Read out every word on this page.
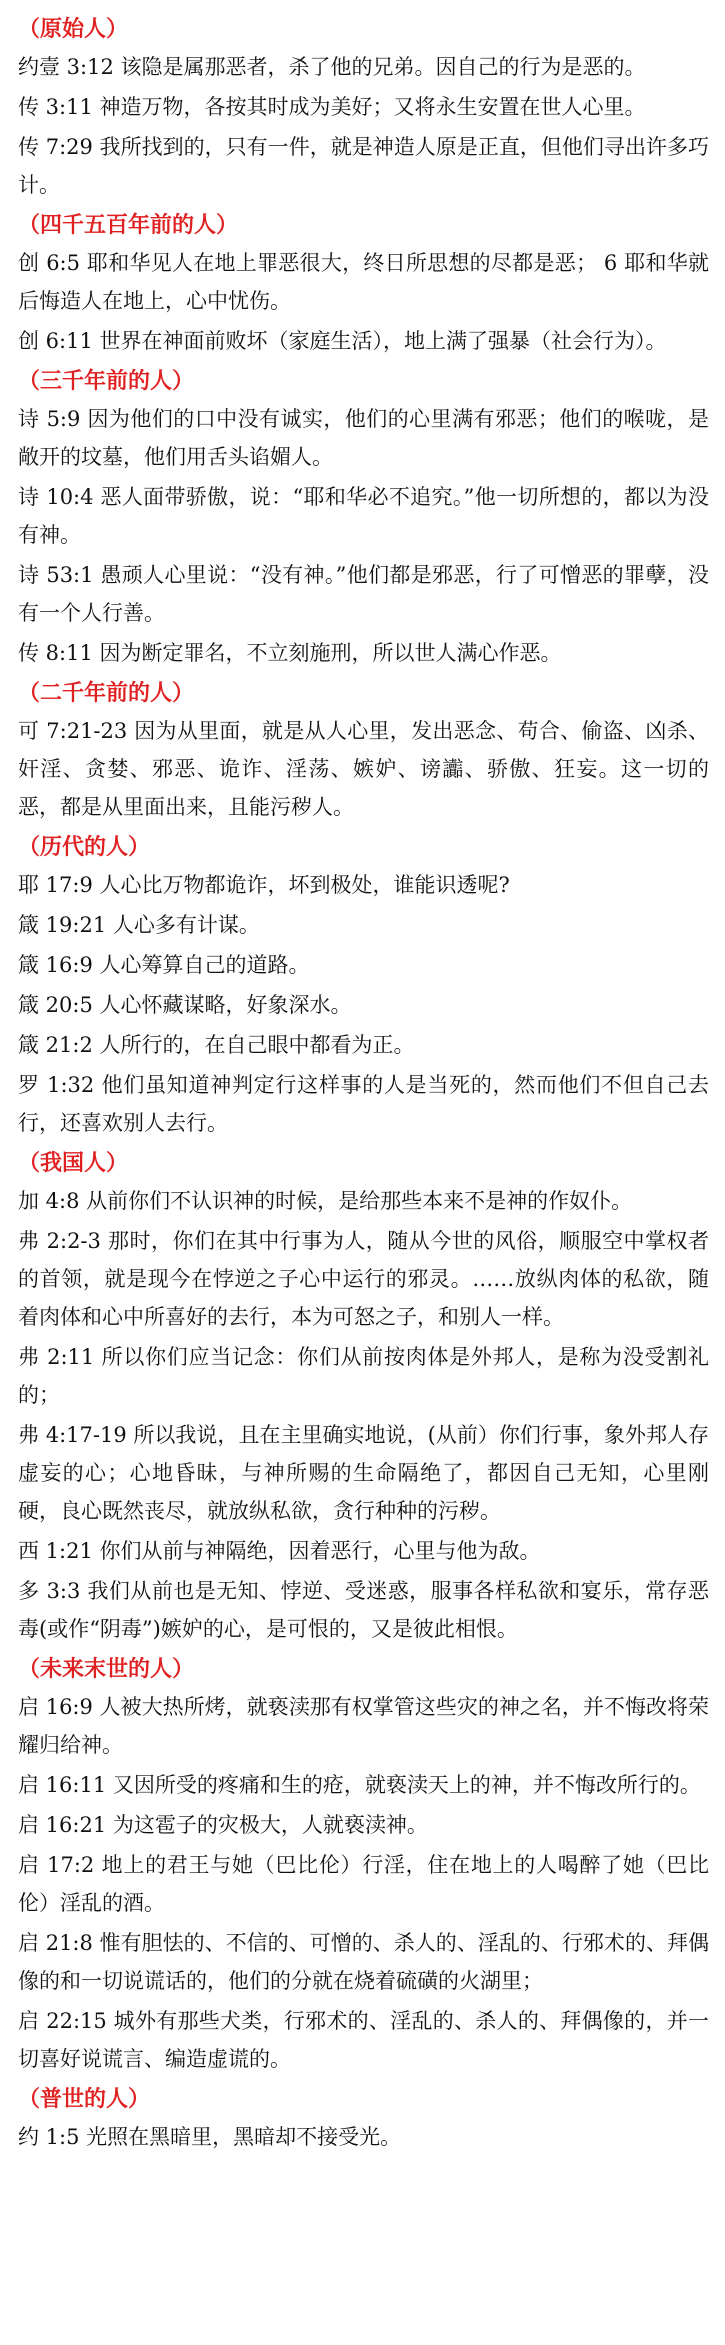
（原始人）

约壹 3:12 该隐是属那恶者，杀了他的兄弟。因自己的行为是恶的。

传 3:11 神造万物，各按其时成为美好；又将永生安置在世人心里。

传 7:29 我所找到的，只有一件，就是神造人原是正直，但他们寻出许多巧计。

（四千五百年前的人）

创 6:5 耶和华见人在地上罪恶很大，终日所思想的尽都是恶； 6 耶和华就后悔造人在地上，心中忧伤。

创 6:11 世界在神面前败坏（家庭生活），地上满了强暴（社会行为）。

（三千年前的人）

诗 5:9 因为他们的口中没有诚实，他们的心里满有邪恶；他们的喉咙，是敞开的坟墓，他们用舌头谄媚人。

诗 10:4 恶人面带骄傲，说：“耶和华必不追究。”他一切所想的，都以为没有神。

诗 53:1 愚顽人心里说：“没有神。”他们都是邪恶，行了可憎恶的罪孽，没有一个人行善。

传 8:11 因为断定罪名，不立刻施刑，所以世人满心作恶。

（二千年前的人）

可 7:21-23 因为从里面，就是从人心里，发出恶念、苟合、偷盗、凶杀、奸淫、贪婪、邪恶、诡诈、淫荡、嫉妒、谤讟、骄傲、狂妄。这一切的恶，都是从里面出来，且能污秽人。

（历代的人）

耶 17:9 人心比万物都诡诈，坏到极处，谁能识透呢?

箴 19:21 人心多有计谋。

箴 16:9 人心筹算自己的道路。

箴 20:5 人心怀藏谋略，好象深水。

箴 21:2 人所行的，在自己眼中都看为正。

罗 1:32 他们虽知道神判定行这样事的人是当死的，然而他们不但自己去行，还喜欢别人去行。

（我国人）

加 4:8 从前你们不认识神的时候，是给那些本来不是神的作奴仆。

弗 2:2-3 那时，你们在其中行事为人，随从今世的风俗，顺服空中掌权者的首领，就是现今在悖逆之子心中运行的邪灵。……放纵肉体的私欲，随着肉体和心中所喜好的去行，本为可怒之子，和别人一样。

弗 2:11 所以你们应当记念：你们从前按肉体是外邦人，是称为没受割礼的；

弗 4:17-19 所以我说，且在主里确实地说，(从前）你们行事，象外邦人存虚妄的心；心地昏昧，与神所赐的生命隔绝了，都因自己无知，心里刚硬，良心既然丧尽，就放纵私欲，贪行种种的污秽。

西 1:21 你们从前与神隔绝，因着恶行，心里与他为敌。

多 3:3 我们从前也是无知、悖逆、受迷惑，服事各样私欲和宴乐，常存恶毒(或作“阴毒”)嫉妒的心，是可恨的，又是彼此相恨。

（未来末世的人）

启 16:9 人被大热所烤，就亵渎那有权掌管这些灾的神之名，并不悔改将荣耀归给神。

启 16:11 又因所受的疼痛和生的疮，就亵渎天上的神，并不悔改所行的。

启 16:21 为这雹子的灾极大，人就亵渎神。

启 17:2 地上的君王与她（巴比伦）行淫，住在地上的人喝醉了她（巴比伦）淫乱的酒。

启 21:8 惟有胆怯的、不信的、可憎的、杀人的、淫乱的、行邪术的、拜偶像的和一切说谎话的，他们的分就在烧着硫磺的火湖里；

启 22:15 城外有那些犬类，行邪术的、淫乱的、杀人的、拜偶像的，并一切喜好说谎言、编造虚谎的。

（普世的人）

约 1:5 光照在黑暗里，黑暗却不接受光。
